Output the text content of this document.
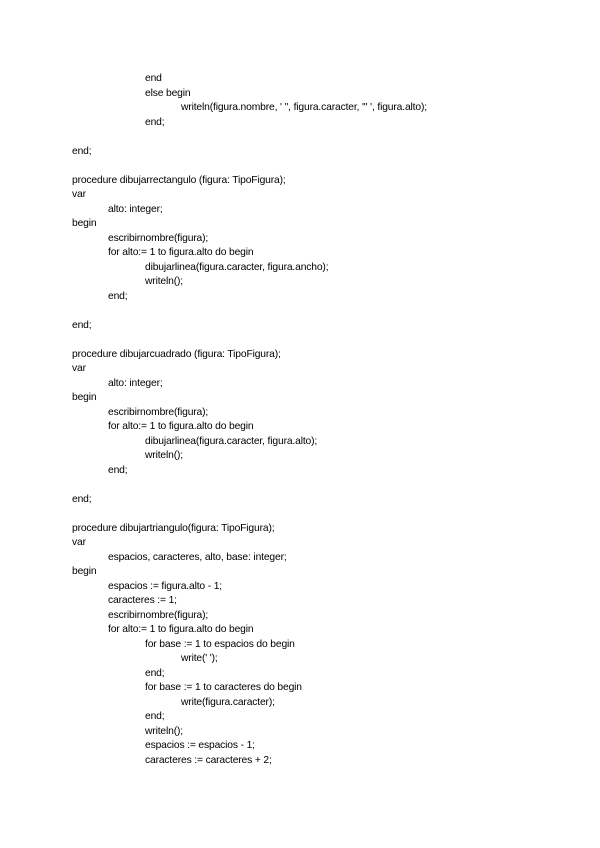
end
else begin
writeln(figura.nombre, ' '', figura.caracter, ''' ', figura.alto);
end;
end;
procedure dibujarrectangulo (figura: TipoFigura);
var
alto: integer;
begin
escribirnombre(figura);
for alto:= 1 to figura.alto do begin
dibujarlinea(figura.caracter, figura.ancho);
writeln();
end;
end;
procedure dibujarcuadrado (figura: TipoFigura);
var
alto: integer;
begin
escribirnombre(figura);
for alto:= 1 to figura.alto do begin
dibujarlinea(figura.caracter, figura.alto);
writeln();
end;
end;
procedure dibujartriangulo(figura: TipoFigura);
var
espacios, caracteres, alto, base: integer;
begin
espacios := figura.alto - 1;
caracteres := 1;
escribirnombre(figura);
for alto:= 1 to figura.alto do begin
for base := 1 to espacios do begin
write(' ');
end;
for base := 1 to caracteres do begin
write(figura.caracter);
end;
writeln();
espacios := espacios - 1;
caracteres := caracteres + 2;
